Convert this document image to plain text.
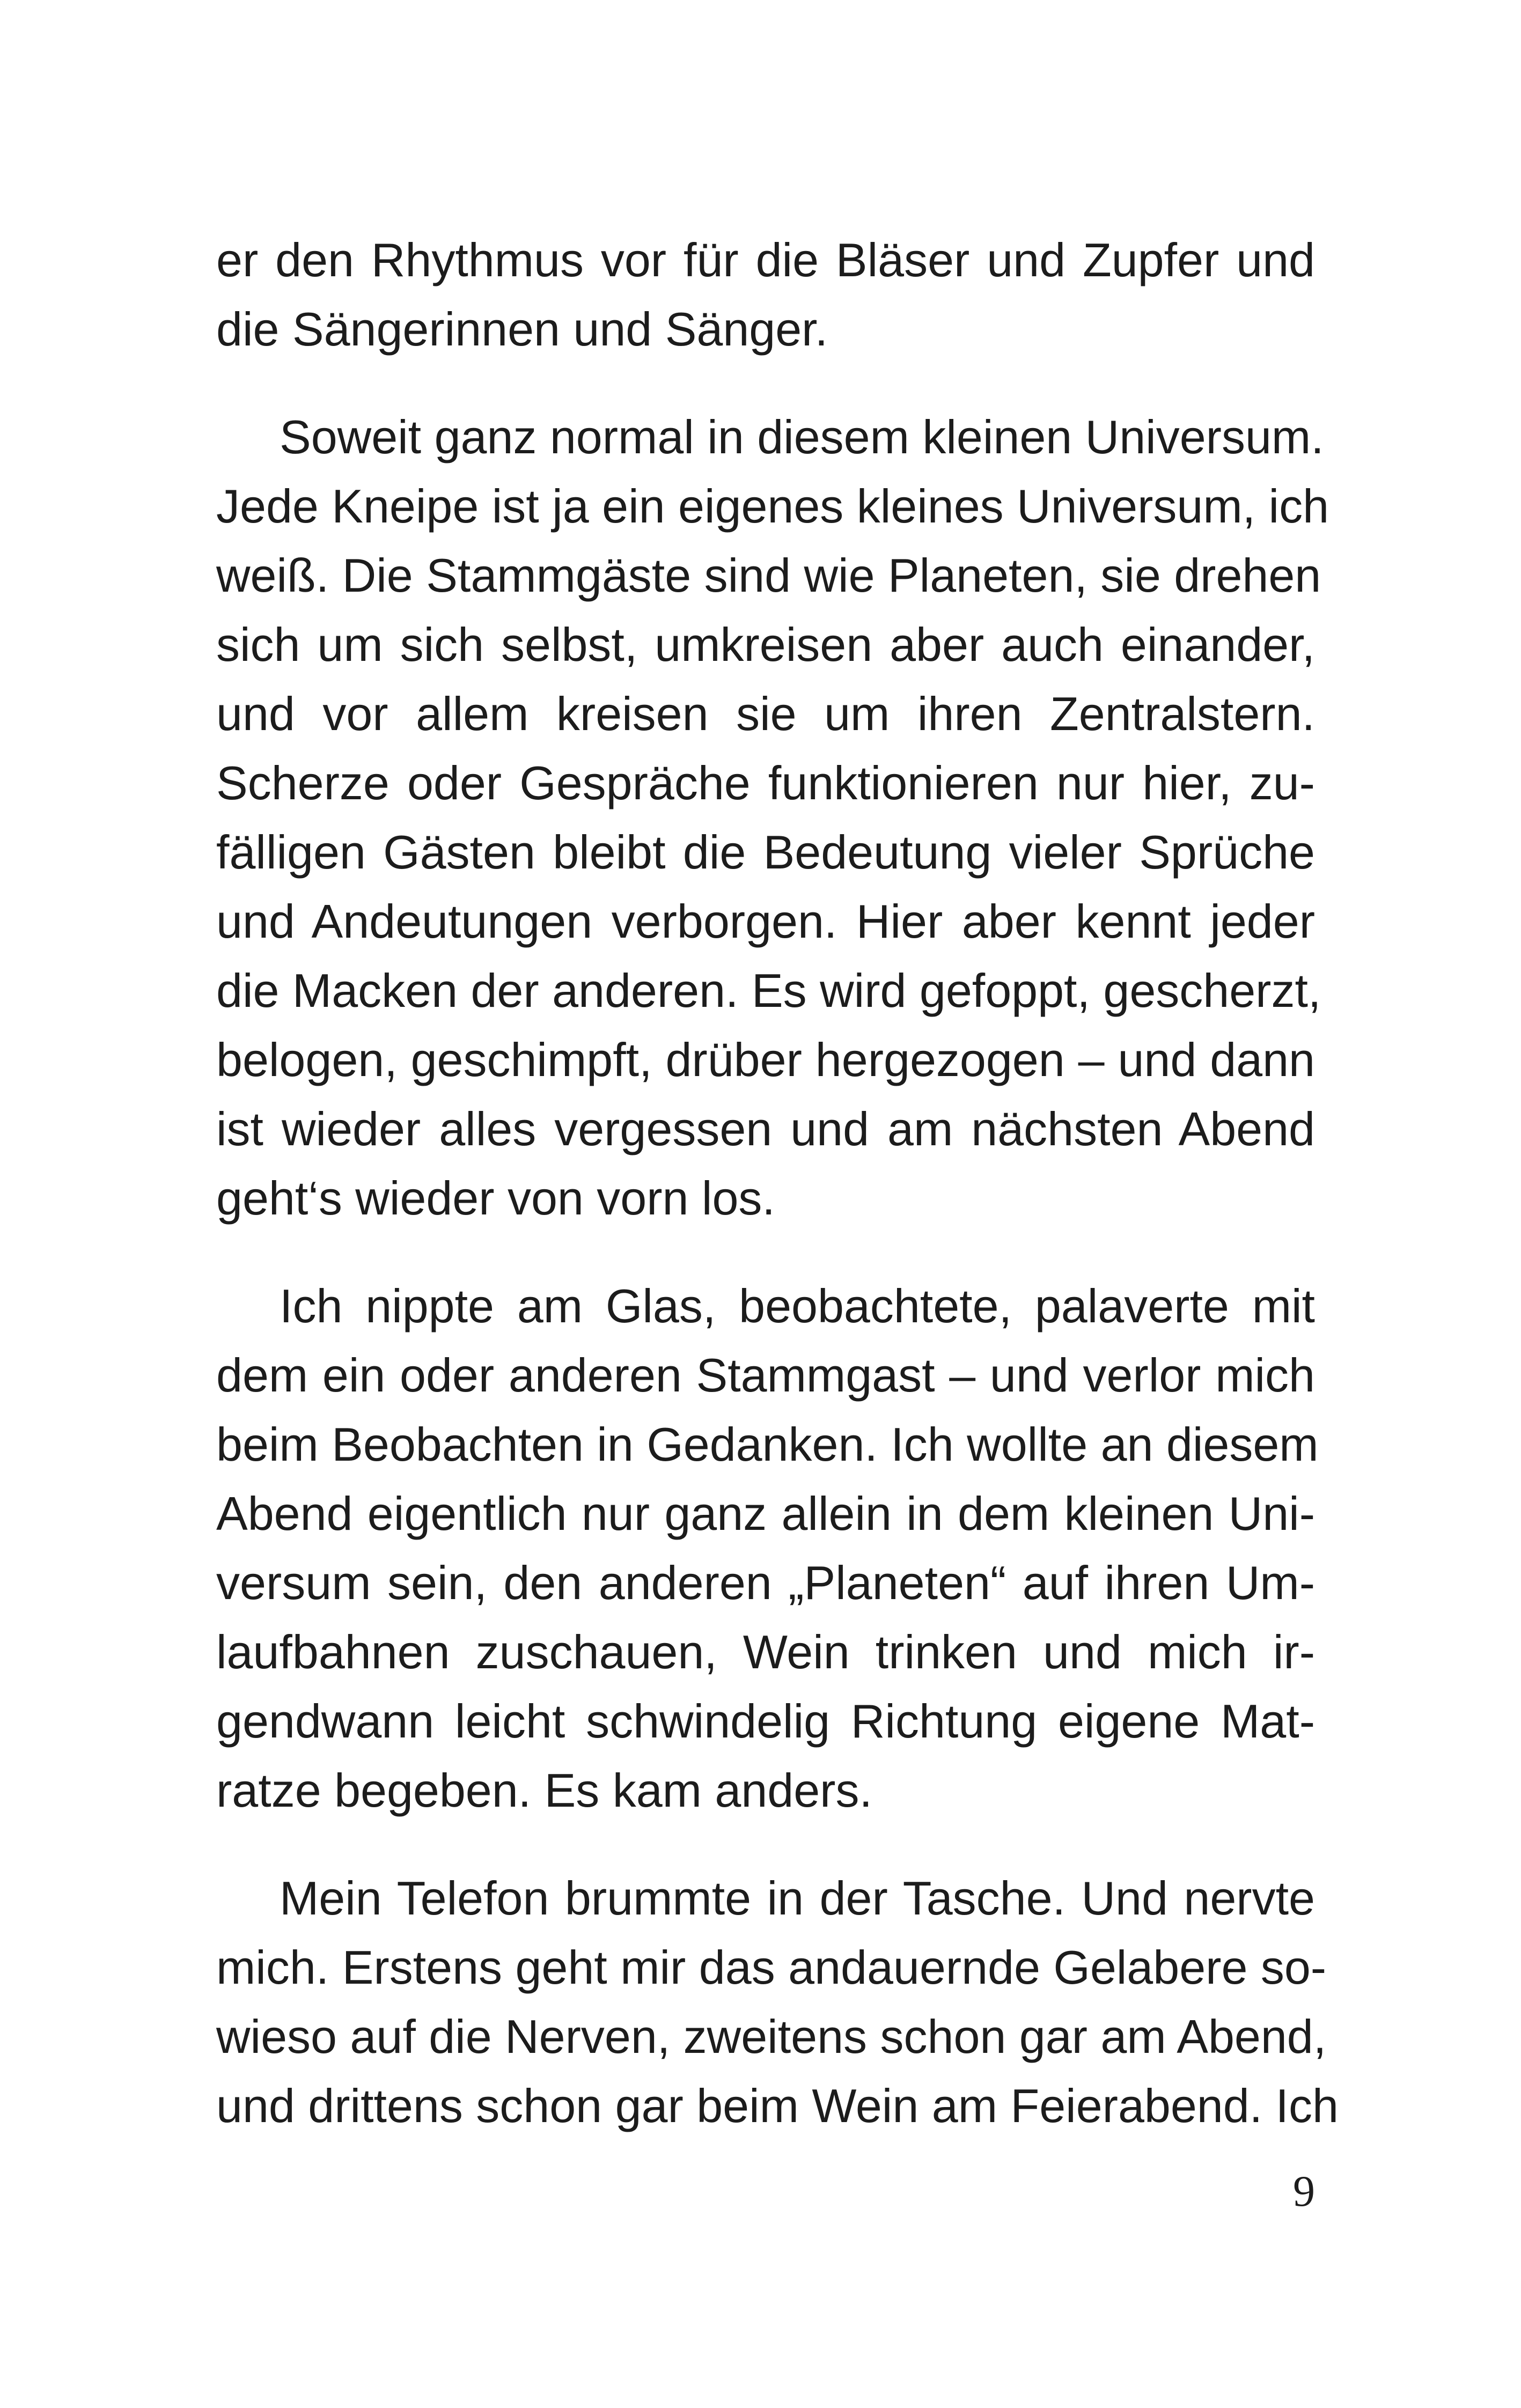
er den Rhythmus vor für die Bläser und Zupfer und
die Sängerinnen und Sänger.
Soweit ganz normal in diesem kleinen Universum.
Jede Kneipe ist ja ein eigenes kleines Universum, ich
weiß. Die Stammgäste sind wie Planeten, sie drehen
sich um sich selbst, umkreisen aber auch einander,
und vor allem kreisen sie um ihren Zentralstern.
Scherze oder Gespräche funktionieren nur hier, zu-
fälligen Gästen bleibt die Bedeutung vieler Sprüche
und Andeutungen verborgen. Hier aber kennt jeder
die Macken der anderen. Es wird gefoppt, gescherzt,
belogen, geschimpft, drüber hergezogen – und dann
ist wieder alles vergessen und am nächsten Abend
geht‘s wieder von vorn los.
Ich nippte am Glas, beobachtete, palaverte mit
dem ein oder anderen Stammgast – und verlor mich
beim Beobachten in Gedanken. Ich wollte an diesem
Abend eigentlich nur ganz allein in dem kleinen Uni-
versum sein, den anderen „Planeten“ auf ihren Um-
laufbahnen zuschauen, Wein trinken und mich ir-
gendwann leicht schwindelig Richtung eigene Mat-
ratze begeben. Es kam anders.
Mein Telefon brummte in der Tasche. Und nervte
mich. Erstens geht mir das andauernde Gelabere so-
wieso auf die Nerven, zweitens schon gar am Abend,
und drittens schon gar beim Wein am Feierabend. Ich
9
